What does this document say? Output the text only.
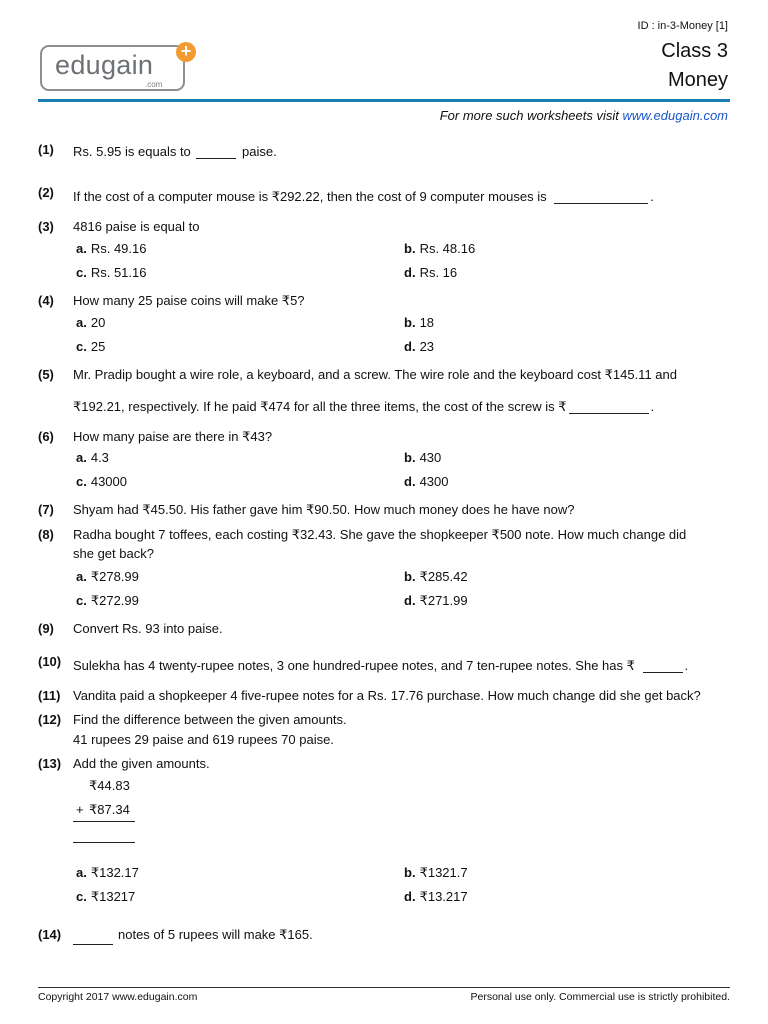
edugain
.com
+
ID : in-3-Money [1]
Class 3
Money
For more such worksheets visit www.edugain.com
(1) Rs. 5.95 is equals to	paise.
(2) If the cost of a computer mouse is ₹292.22, then the cost of 9 computer mouses is	.
(3) 4816 paise is equal to
a. Rs. 49.16	b. Rs. 48.16
c. Rs. 51.16	d. Rs. 16
(4) How many 25 paise coins will make ₹5?
a. 20	b. 18
c. 25	d. 23
(5) Mr. Pradip bought a wire role, a keyboard, and a screw. The wire role and the keyboard cost ₹145.11 and
₹192.21, respectively. If he paid ₹474 for all the three items, the cost of the screw is ₹	.
(6) How many paise are there in ₹43?
a. 4.3	b. 430
c. 43000	d. 4300
(7) Shyam had ₹45.50. His father gave him ₹90.50. How much money does he have now?
(8) Radha bought 7 toffees, each costing ₹32.43. She gave the shopkeeper ₹500 note. How much change did
she get back?
a. ₹278.99	b. ₹285.42
c. ₹272.99	d. ₹271.99
(9) Convert Rs. 93 into paise.
(10) Sulekha has 4 twenty-rupee notes, 3 one hundred-rupee notes, and 7 ten-rupee notes. She has ₹	.
(11) Vandita paid a shopkeeper 4 five-rupee notes for a Rs. 17.76 purchase. How much change did she get back?
(12) Find the difference between the given amounts.
41 rupees 29 paise and 619 rupees 70 paise.
(13) Add the given amounts.
₹44.83
+ ₹87.34
a. ₹132.17	b. ₹1321.7
c. ₹13217	d. ₹13.217
(14)	notes of 5 rupees will make ₹165.
Copyright 2017 www.edugain.com	Personal use only. Commercial use is strictly prohibited.
